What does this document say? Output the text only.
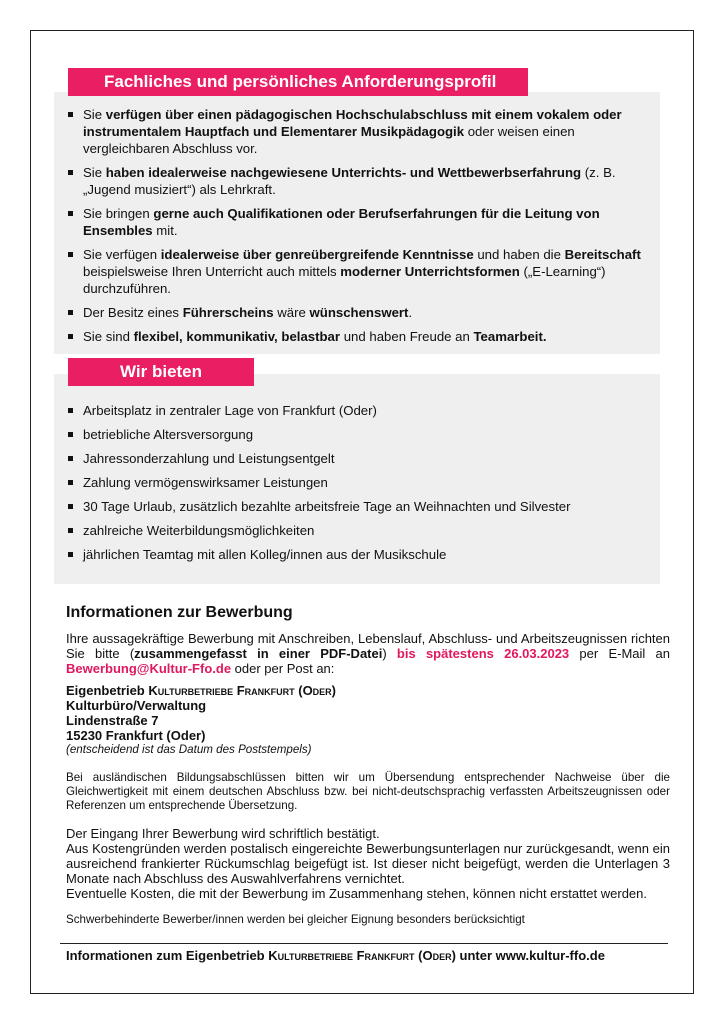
Fachliches und persönliches Anforderungsprofil
Sie verfügen über einen pädagogischen Hochschulabschluss mit einem vokalem oder instrumentalem Hauptfach und Elementarer Musikpädagogik oder weisen einen vergleichbaren Abschluss vor.
Sie haben idealerweise nachgewiesene Unterrichts- und Wettbewerbserfahrung (z. B. „Jugend musiziert“) als Lehrkraft.
Sie bringen gerne auch Qualifikationen oder Berufserfahrungen für die Leitung von Ensembles mit.
Sie verfügen idealerweise über genreübergreifende Kenntnisse und haben die Bereitschaft beispielsweise Ihren Unterricht auch mittels moderner Unterrichtsformen („E-Learning“) durchzuführen.
Der Besitz eines Führerscheins wäre wünschenswert.
Sie sind flexibel, kommunikativ, belastbar und haben Freude an Teamarbeit.
Wir bieten
Arbeitsplatz in zentraler Lage von Frankfurt (Oder)
betriebliche Altersversorgung
Jahressonderzahlung und Leistungsentgelt
Zahlung vermögenswirksamer Leistungen
30 Tage Urlaub, zusätzlich bezahlte arbeitsfreie Tage an Weihnachten und Silvester
zahlreiche Weiterbildungsmöglichkeiten
jährlichen Teamtag mit allen Kolleg/innen aus der Musikschule
Informationen zur Bewerbung
Ihre aussagekräftige Bewerbung mit Anschreiben, Lebenslauf, Abschluss- und Arbeitszeugnissen richten Sie bitte (zusammengefasst in einer PDF-Datei) bis spätestens 26.03.2023 per E-Mail an Bewerbung@Kultur-Ffo.de oder per Post an:
Eigenbetrieb Kulturbetriebe Frankfurt (Oder)
Kulturbüro/Verwaltung
Lindenstraße 7
15230 Frankfurt (Oder)
(entscheidend ist das Datum des Poststempels)
Bei ausländischen Bildungsabschlüssen bitten wir um Übersendung entsprechender Nachweise über die Gleichwertigkeit mit einem deutschen Abschluss bzw. bei nicht-deutschsprachig verfassten Arbeitszeugnissen oder Referenzen um entsprechende Übersetzung.
Der Eingang Ihrer Bewerbung wird schriftlich bestätigt.
Aus Kostengründen werden postalisch eingereichte Bewerbungsunterlagen nur zurückgesandt, wenn ein ausreichend frankierter Rückumschlag beigefügt ist. Ist dieser nicht beigefügt, werden die Unterlagen 3 Monate nach Abschluss des Auswahlverfahrens vernichtet.
Eventuelle Kosten, die mit der Bewerbung im Zusammenhang stehen, können nicht erstattet werden.
Schwerbehinderte Bewerber/innen werden bei gleicher Eignung besonders berücksichtigt
Informationen zum Eigenbetrieb Kulturbetriebe Frankfurt (Oder) unter www.kultur-ffo.de
